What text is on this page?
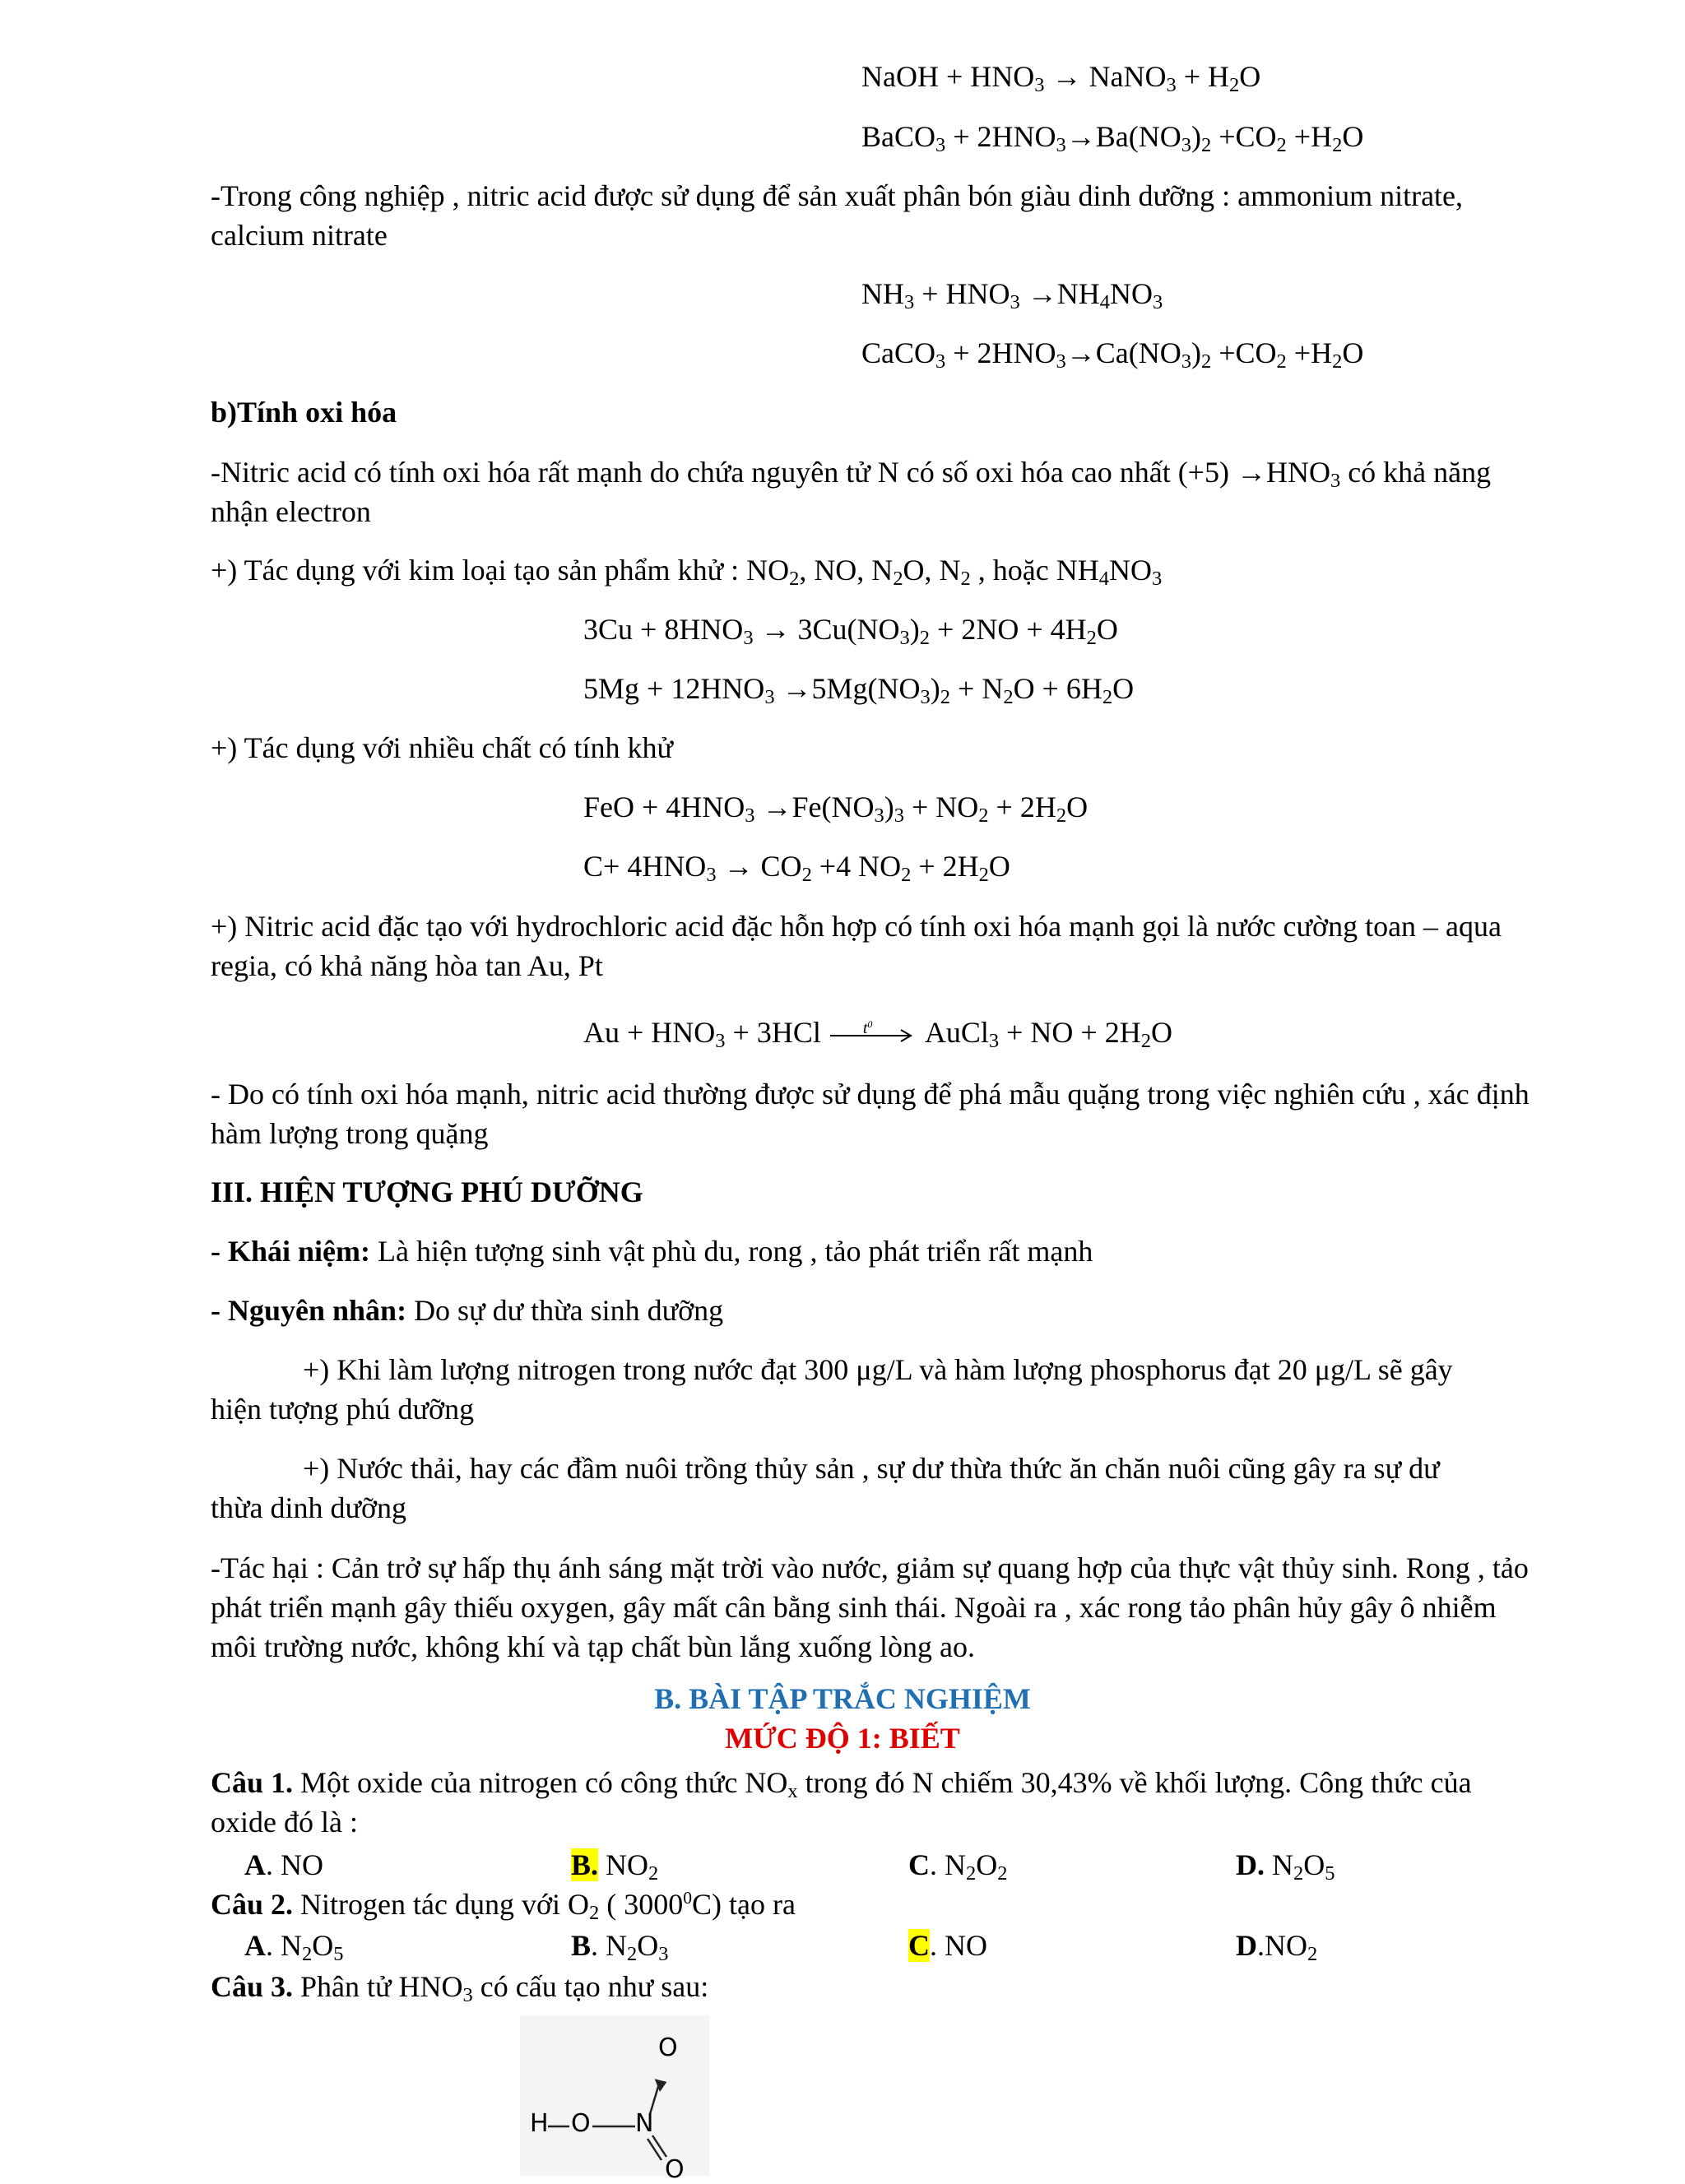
NaOH + $HNO_3$ → NaNO$_3$ + $H_2O$
BaCO$_3$ + $2HNO_3\to Ba(NO_3)_2 +CO_2 +H_2O$
-Trong công nghiệp , nitric acid được sử dụng để sản xuất phân bón giàu dinh dưỡng : ammonium nitrate, calcium nitrate
$NH_3 + HNO_3 \to NH_4NO_3$
CaCO$_3$ + $2HNO_3\to Ca(NO_3)_2 +CO_2 +H_2O$
b)Tính oxi hóa
-Nitric acid có tính oxi hóa rất mạnh do chứa nguyên tử N có số oxi hóa cao nhất $(+5) \to HNO_3$ có khả năng nhận electron
+) Tác dụng với kim loại tạo sản phẩm khử : $NO_2$, NO, $N_2O$, $N_2$ , hoặc $NH_4NO_3$
$3Cu + 8HNO_3 \to 3Cu(NO_3)_2 + 2NO + 4H_2O$
$5Mg + 12HNO_3 \to 5Mg(NO_3)_2 + N_2O + 6H_2O$
+) Tác dụng với nhiều chất có tính khử
FeO + $4HNO_3 \to Fe(NO_3)_3 + NO_2 + 2H_2O$
$C+ 4HNO_3 \to CO_2 +4$ $NO_2 + 2H_2O$
+) Nitric acid đặc tạo với hydrochloric acid đặc hỗn hợp có tính oxi hóa mạnh gọi là nước cường toan – aqua regia, có khả năng hòa tan Au, Pt
$Au + HNO_3 + 3HCl$ $t^0$ AuCl$_3$ + NO + $2H_2O$
- Do có tính oxi hóa mạnh, nitric acid thường được sử dụng để phá mẫu quặng trong việc nghiên cứu , xác định hàm lượng trong quặng
III. HIỆN TƯỢNG PHÚ DƯỠNG
- Khái niệm: Là hiện tượng sinh vật phù du, rong , tảo phát triển rất mạnh
- Nguyên nhân: Do sự dư thừa sinh dưỡng
+) Khi làm lượng nitrogen trong nước đạt 300 μg/L và hàm lượng phosphorus đạt 20 μg/L sẽ gây
hiện tượng phú dưỡng
+) Nước thải, hay các đầm nuôi trồng thủy sản , sự dư thừa thức ăn chăn nuôi cũng gây ra sự dư
thừa dinh dưỡng
-Tác hại : Cản trở sự hấp thụ ánh sáng mặt trời vào nước, giảm sự quang hợp của thực vật thủy sinh. Rong , tảo phát triển mạnh gây thiếu oxygen, gây mất cân bằng sinh thái. Ngoài ra , xác rong tảo phân hủy gây ô nhiễm môi trường nước, không khí và tạp chất bùn lắng xuống lòng ao.
B. BÀI TẬP TRẮC NGHIỆM
MỨC ĐỘ 1: BIẾT
Câu 1. Một oxide của nitrogen có công thức $NO_x$ trong đó N chiếm 30,43% về khối lượng. Công thức của
oxide đó là :
A. NO	B. $NO_2$	C. $N_2O_2$	D. $N_2O_5$
Câu 2. Nitrogen tác dụng với $O_2$ ( 3000$^0$C) tạo ra
A. $N_2O_5$	B. $N_2O_3$	C. NO	$D.NO_2$
Câu 3. Phân tử $HNO_3$ có cấu tạo như sau:
H O N
O
O
